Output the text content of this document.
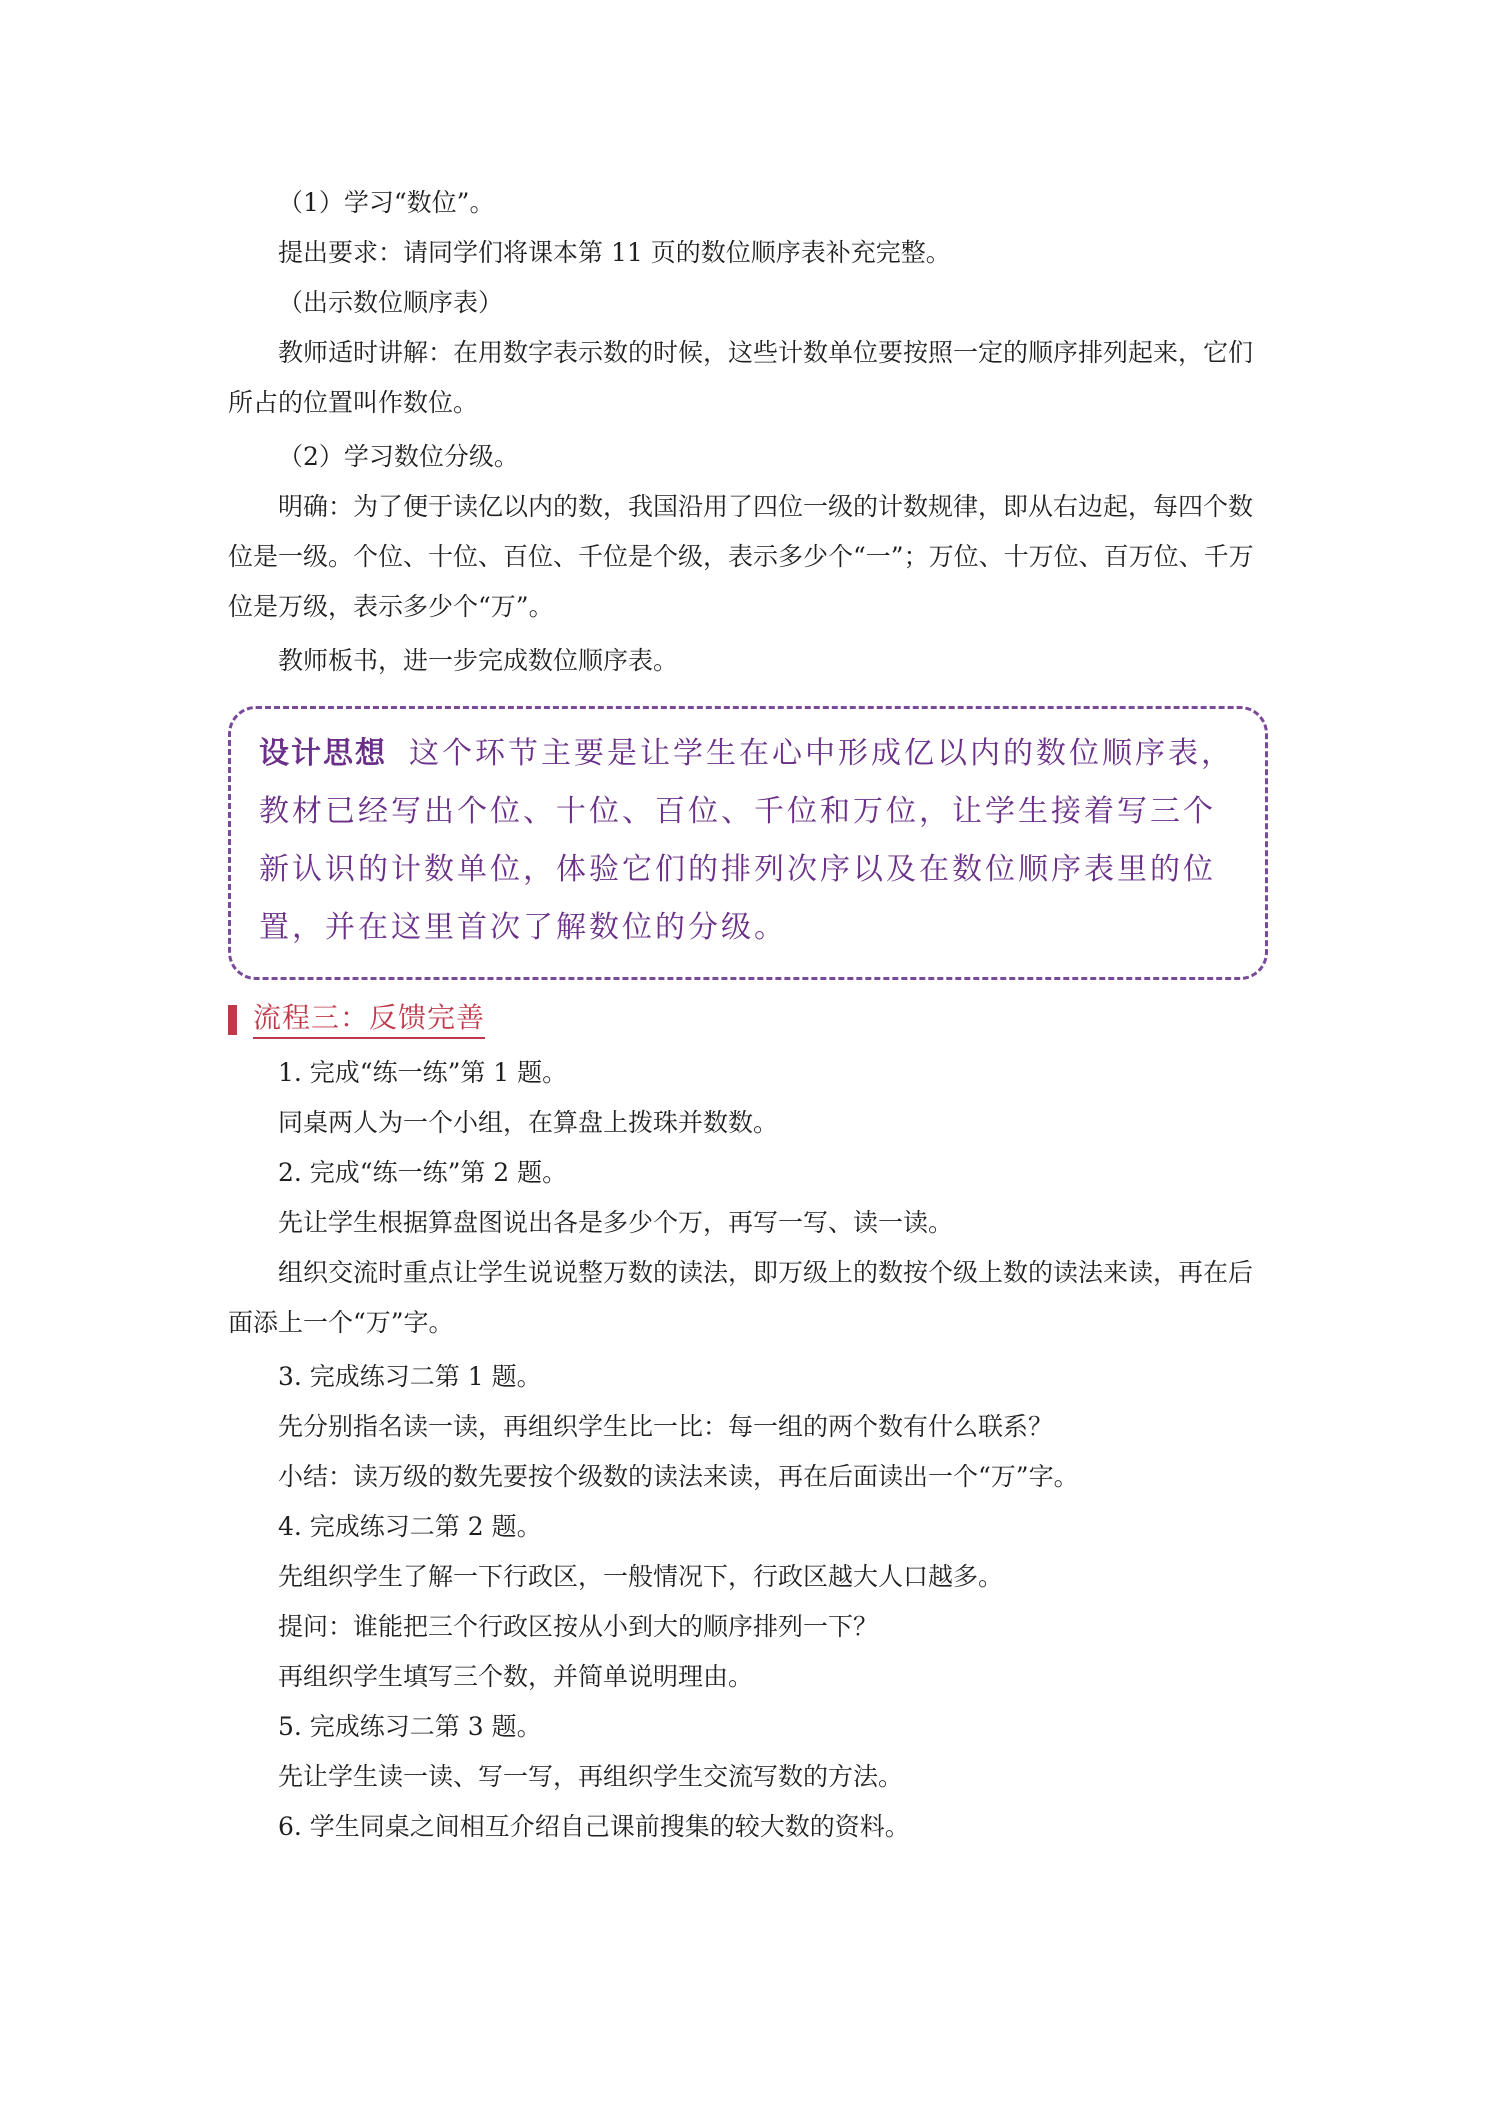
（1）学习“数位”。

提出要求：请同学们将课本第 11 页的数位顺序表补充完整。

（出示数位顺序表）

教师适时讲解：在用数字表示数的时候，这些计数单位要按照一定的顺序排列起来，它们所占的位置叫作数位。

（2）学习数位分级。

明确：为了便于读亿以内的数，我国沿用了四位一级的计数规律，即从右边起，每四个数位是一级。个位、十位、百位、千位是个级，表示多少个“一”；万位、十万位、百万位、千万位是万级，表示多少个“万”。

教师板书，进一步完成数位顺序表。

设计思想 这个环节主要是让学生在心中形成亿以内的数位顺序表，教材已经写出个位、十位、百位、千位和万位，让学生接着写三个新认识的计数单位，体验它们的排列次序以及在数位顺序表里的位置，并在这里首次了解数位的分级。

流程三：反馈完善

1. 完成“练一练”第 1 题。

同桌两人为一个小组，在算盘上拨珠并数数。

2. 完成“练一练”第 2 题。

先让学生根据算盘图说出各是多少个万，再写一写、读一读。

组织交流时重点让学生说说整万数的读法，即万级上的数按个级上数的读法来读，再在后面添上一个“万”字。

3. 完成练习二第 1 题。

先分别指名读一读，再组织学生比一比：每一组的两个数有什么联系？

小结：读万级的数先要按个级数的读法来读，再在后面读出一个“万”字。

4. 完成练习二第 2 题。

先组织学生了解一下行政区，一般情况下，行政区越大人口越多。

提问：谁能把三个行政区按从小到大的顺序排列一下？

再组织学生填写三个数，并简单说明理由。

5. 完成练习二第 3 题。

先让学生读一读、写一写，再组织学生交流写数的方法。

6. 学生同桌之间相互介绍自己课前搜集的较大数的资料。
